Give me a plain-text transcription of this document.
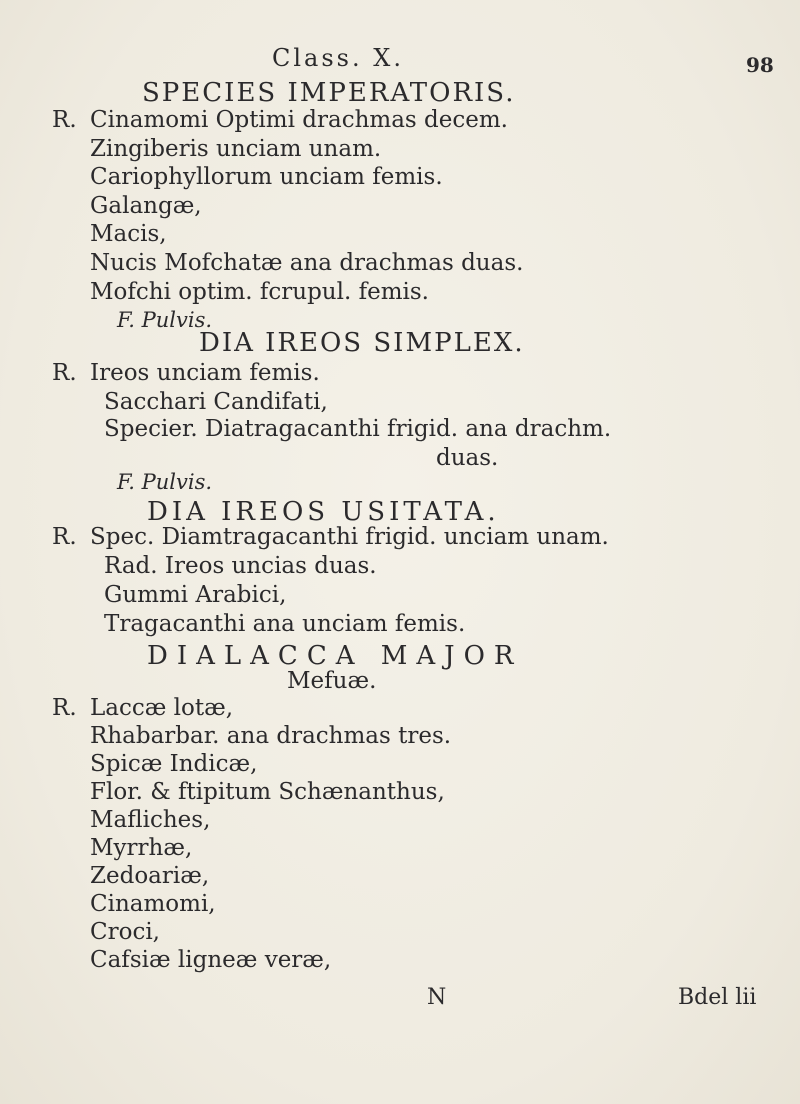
Class. X.	98
SPECIES IMPERATORIS.
R. Cinamomi Optimi drachmas decem.
Zingiberis unciam unam.
Cariophyllorum unciam femis.
Galangæ,
Macis,
Nucis Mofchatæ ana drachmas duas.
Mofchi optim. fcrupul. femis.
F. Pulvis.
DIA IREOS SIMPLEX.
R. Ireos unciam femis.
Sacchari Candifati,
Specier. Diatragacanthi frigid. ana drachm.
duas.
F. Pulvis.
DIA IREOS USITATA.
R. Spec. Diamtragacanthi frigid. unciam unam.
Rad. Ireos uncias duas.
Gummi Arabici,
Tragacanthi ana unciam femis.
DIALACCA MAJOR
Mefuæ.
R. Laccæ lotæ,
Rhabarbar. ana drachmas tres.
Spicæ Indicæ,
Flor. & ftipitum Schænanthus,
Mafliches,
Myrrhæ,
Zedoariæ,
Cinamomi,
Croci,
Cafsiæ ligneæ veræ,
N	Bdel lii
